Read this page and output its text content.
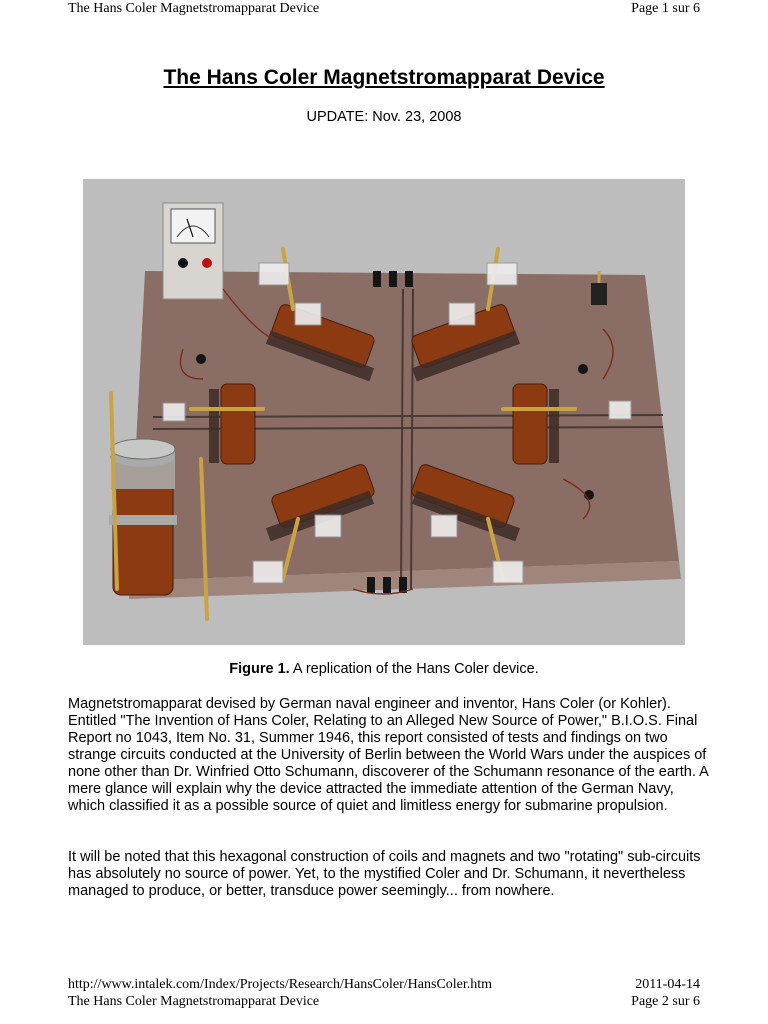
The Hans Coler Magnetstromapparat Device	Page 1 sur 6
The Hans Coler Magnetstromapparat Device
UPDATE: Nov. 23, 2008
Figure 1. A replication of the Hans Coler device.

Magnetstromapparat devised by German naval engineer and inventor, Hans Coler (or Kohler). Entitled "The Invention of Hans Coler, Relating to an Alleged New Source of Power," B.I.O.S. Final Report no 1043, Item No. 31, Summer 1946, this report consisted of tests and findings on two strange circuits conducted at the University of Berlin between the World Wars under the auspices of none other than Dr. Winfried Otto Schumann, discoverer of the Schumann resonance of the earth. A mere glance will explain why the device attracted the immediate attention of the German Navy, which classified it as a possible source of quiet and limitless energy for submarine propulsion.

It will be noted that this hexagonal construction of coils and magnets and two "rotating" sub-circuits has absolutely no source of power. Yet, to the mystified Coler and Dr. Schumann, it nevertheless managed to produce, or better, transduce power seemingly... from nowhere.

http://www.intalek.com/Index/Projects/Research/HansColer/HansColer.htm	2011-04-14
The Hans Coler Magnetstromapparat Device	Page 2 sur 6
